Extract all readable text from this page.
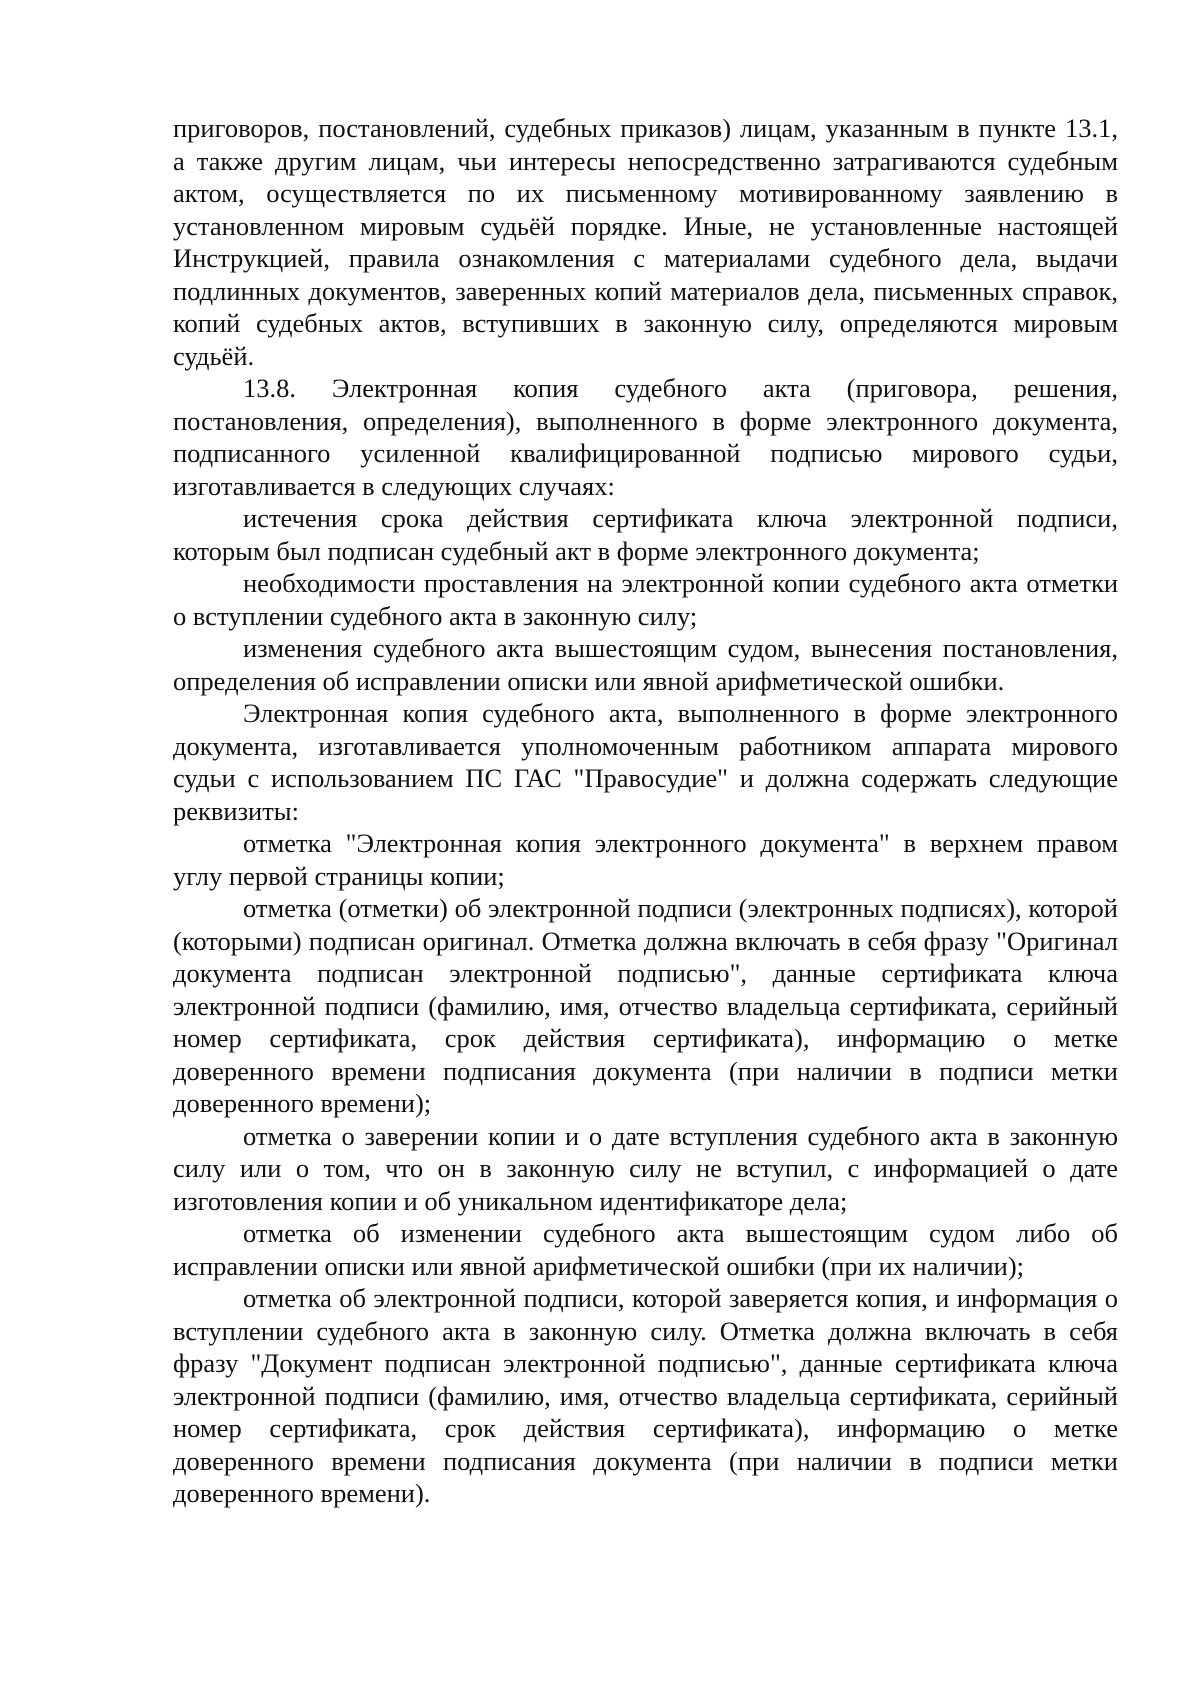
приговоров, постановлений, судебных приказов) лицам, указанным в пункте 13.1, а также другим лицам, чьи интересы непосредственно затрагиваются судебным актом, осуществляется по их письменному мотивированному заявлению в установленном мировым судьёй порядке. Иные, не установленные настоящей Инструкцией, правила ознакомления с материалами судебного дела, выдачи подлинных документов, заверенных копий материалов дела, письменных справок, копий судебных актов, вступивших в законную силу, определяются мировым судьёй.

13.8. Электронная копия судебного акта (приговора, решения, постановления, определения), выполненного в форме электронного документа, подписанного усиленной квалифицированной подписью мирового судьи, изготавливается в следующих случаях:

истечения срока действия сертификата ключа электронной подписи, которым был подписан судебный акт в форме электронного документа;

необходимости проставления на электронной копии судебного акта отметки о вступлении судебного акта в законную силу;

изменения судебного акта вышестоящим судом, вынесения постановления, определения об исправлении описки или явной арифметической ошибки.

Электронная копия судебного акта, выполненного в форме электронного документа, изготавливается уполномоченным работником аппарата мирового судьи с использованием ПС ГАС "Правосудие" и должна содержать следующие реквизиты:

отметка "Электронная копия электронного документа" в верхнем правом углу первой страницы копии;

отметка (отметки) об электронной подписи (электронных подписях), которой (которыми) подписан оригинал. Отметка должна включать в себя фразу "Оригинал документа подписан электронной подписью", данные сертификата ключа электронной подписи (фамилию, имя, отчество владельца сертификата, серийный номер сертификата, срок действия сертификата), информацию о метке доверенного времени подписания документа (при наличии в подписи метки доверенного времени);

отметка о заверении копии и о дате вступления судебного акта в законную силу или о том, что он в законную силу не вступил, с информацией о дате изготовления копии и об уникальном идентификаторе дела;

отметка об изменении судебного акта вышестоящим судом либо об исправлении описки или явной арифметической ошибки (при их наличии);

отметка об электронной подписи, которой заверяется копия, и информация о вступлении судебного акта в законную силу. Отметка должна включать в себя фразу "Документ подписан электронной подписью", данные сертификата ключа электронной подписи (фамилию, имя, отчество владельца сертификата, серийный номер сертификата, срок действия сертификата), информацию о метке доверенного времени подписания документа (при наличии в подписи метки доверенного времени).
